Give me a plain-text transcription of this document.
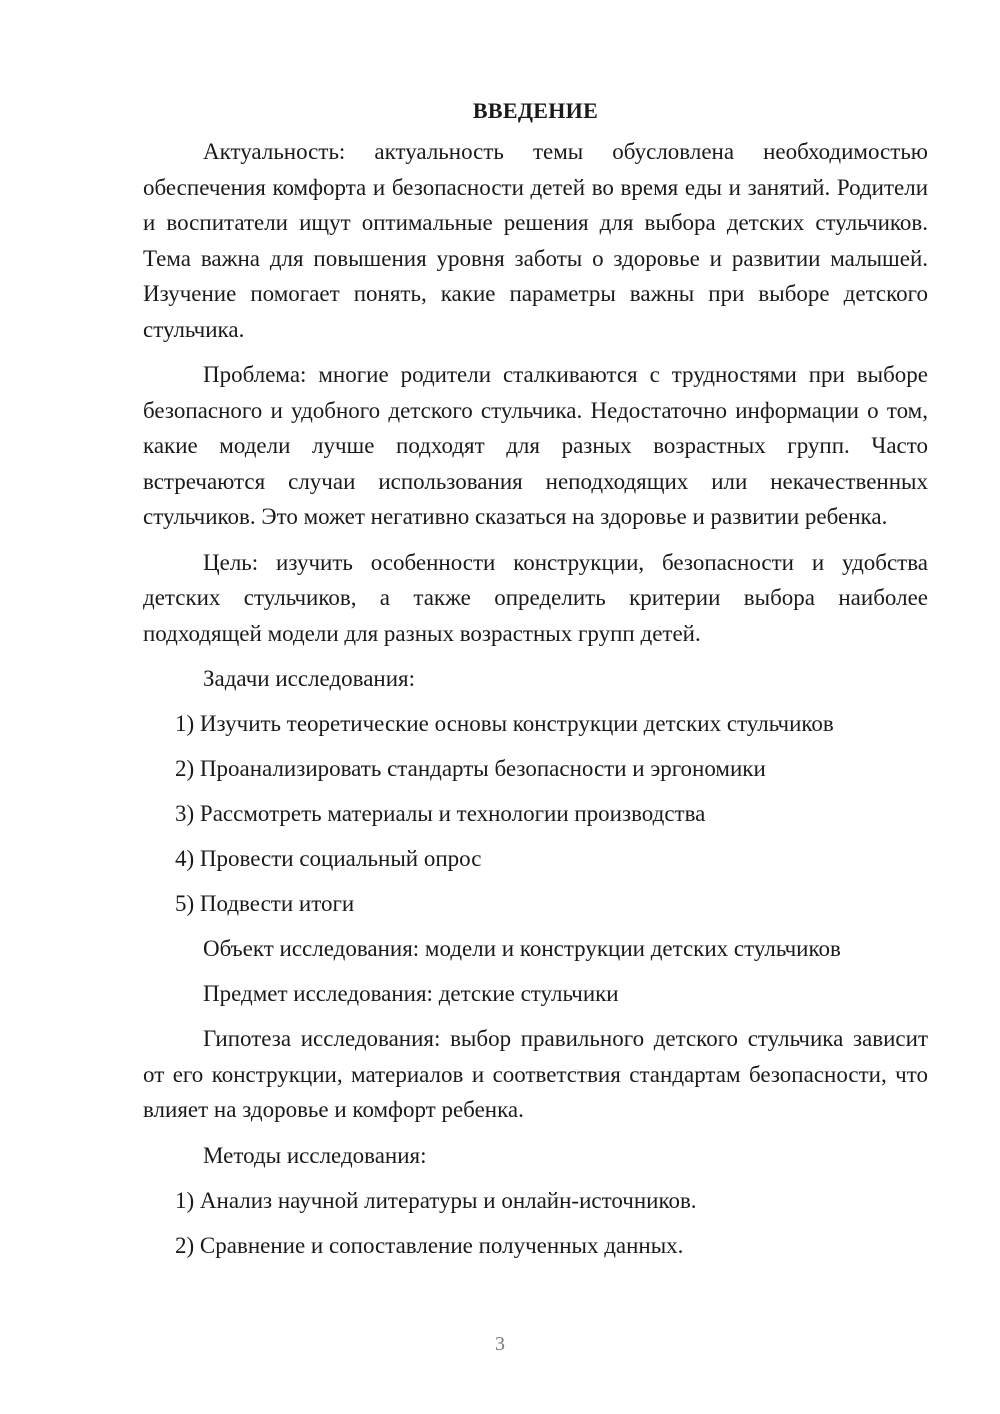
ВВЕДЕНИЕ

Актуальность: актуальность темы обусловлена необходимостью обеспечения комфорта и безопасности детей во время еды и занятий. Родители и воспитатели ищут оптимальные решения для выбора детских стульчиков. Тема важна для повышения уровня заботы о здоровье и развитии малышей. Изучение помогает понять, какие параметры важны при выборе детского стульчика.

Проблема: многие родители сталкиваются с трудностями при выборе безопасного и удобного детского стульчика. Недостаточно информации о том, какие модели лучше подходят для разных возрастных групп. Часто встречаются случаи использования неподходящих или некачественных стульчиков. Это может негативно сказаться на здоровье и развитии ребенка.

Цель: изучить особенности конструкции, безопасности и удобства детских стульчиков, а также определить критерии выбора наиболее подходящей модели для разных возрастных групп детей.

Задачи исследования:
1) Изучить теоретические основы конструкции детских стульчиков
2) Проанализировать стандарты безопасности и эргономики
3) Рассмотреть материалы и технологии производства
4) Провести социальный опрос
5) Подвести итоги
Объект исследования: модели и конструкции детских стульчиков
Предмет исследования: детские стульчики

Гипотеза исследования: выбор правильного детского стульчика зависит от его конструкции, материалов и соответствия стандартам безопасности, что влияет на здоровье и комфорт ребенка.

Методы исследования:
1) Анализ научной литературы и онлайн-источников.
2) Сравнение и сопоставление полученных данных.
3
